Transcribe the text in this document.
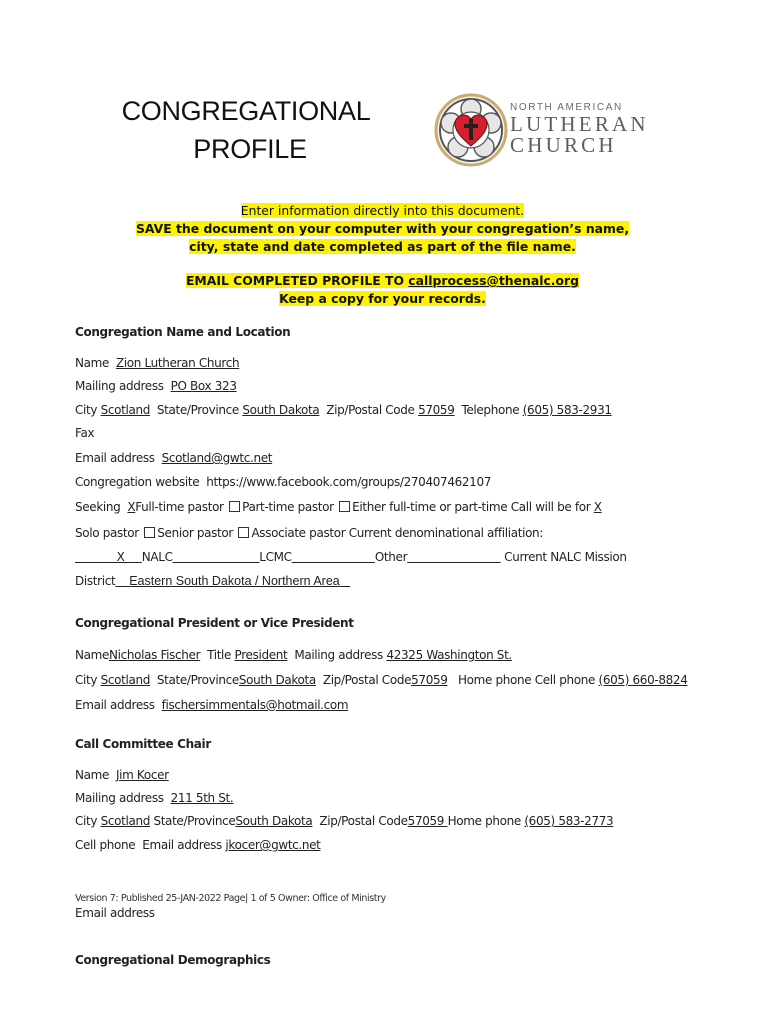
CONGREGATIONAL
PROFILE
NORTH AMERICAN
LUTHERAN
CHURCH
Enter information directly into this document.
SAVE the document on your computer with your congregation’s name,
city, state and date completed as part of the file name.
EMAIL COMPLETED PROFILE TO callprocess@thenalc.org
Keep a copy for your records.
Congregation Name and Location
Name Zion Lutheran Church
Mailing address PO Box 323
City Scotland State/Province South Dakota Zip/Postal Code 57059 Telephone (605) 583-2931
Fax
Email address Scotland@gwtc.net
Congregation website https://www.facebook.com/groups/270407462107
Seeking XFull-time pastor Part-time pastor Either full-time or part-time Call will be for X
Solo pastor Senior pastor Associate pastor Current denominational affiliation:
X NALC	LCMC	Other	Current NALC Mission
District Eastern South Dakota / Northern Area
Congregational President or Vice President
NameNicholas Fischer Title President Mailing address 42325 Washington St.
City Scotland State/ProvinceSouth Dakota Zip/Postal Code57059 Home phone Cell phone (605) 660-8824
Email address fischersimmentals@hotmail.com
Call Committee Chair
Name Jim Kocer
Mailing address 211 5th St.
City Scotland State/ProvinceSouth Dakota Zip/Postal Code57059 Home phone (605) 583-2773
Cell phone Email address jkocer@gwtc.net
Version 7: Published 25-JAN-2022 Page| 1 of 5 Owner: Office of Ministry
Email address
Congregational Demographics
